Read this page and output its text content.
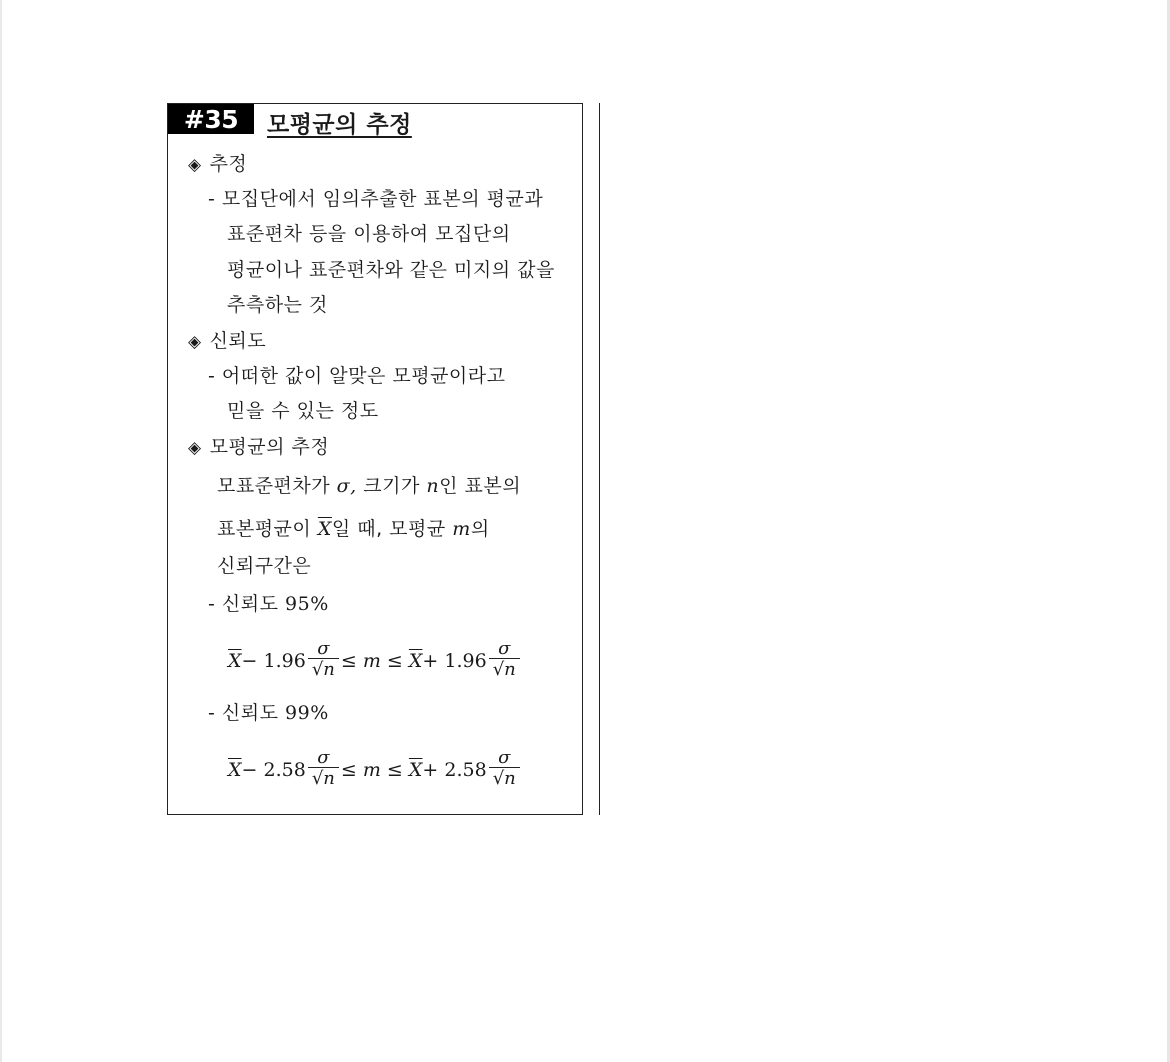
#35	모평균의 추정
◈ 추정
- 모집단에서 임의추출한 표본의 평균과
표준편차 등을 이용하여 모집단의
평균이나 표준편차와 같은 미지의 값을
추측하는 것
◈ 신뢰도
- 어떠한 값이 알맞은 모평균이라고
믿을 수 있는 정도
◈ 모평균의 추정
모표준편차가 σ, 크기가 n인 표본의
표본평균이 $\overline{X}$일 때, 모평균 m의
신뢰구간은
- 신뢰도 95%
$\overline{X}$ −
$1.96 \frac{\sigma}{√n}$ ≤
m
≤
$\overline{X}$ +
$1.96 \frac{\sigma}{√n}$
- 신뢰도 99%
$\overline{X}$ −
$2.58 \frac{\sigma}{√n}$ ≤
m
≤
$\overline{X}$ +
$2.58 \frac{\sigma}{√n}$
